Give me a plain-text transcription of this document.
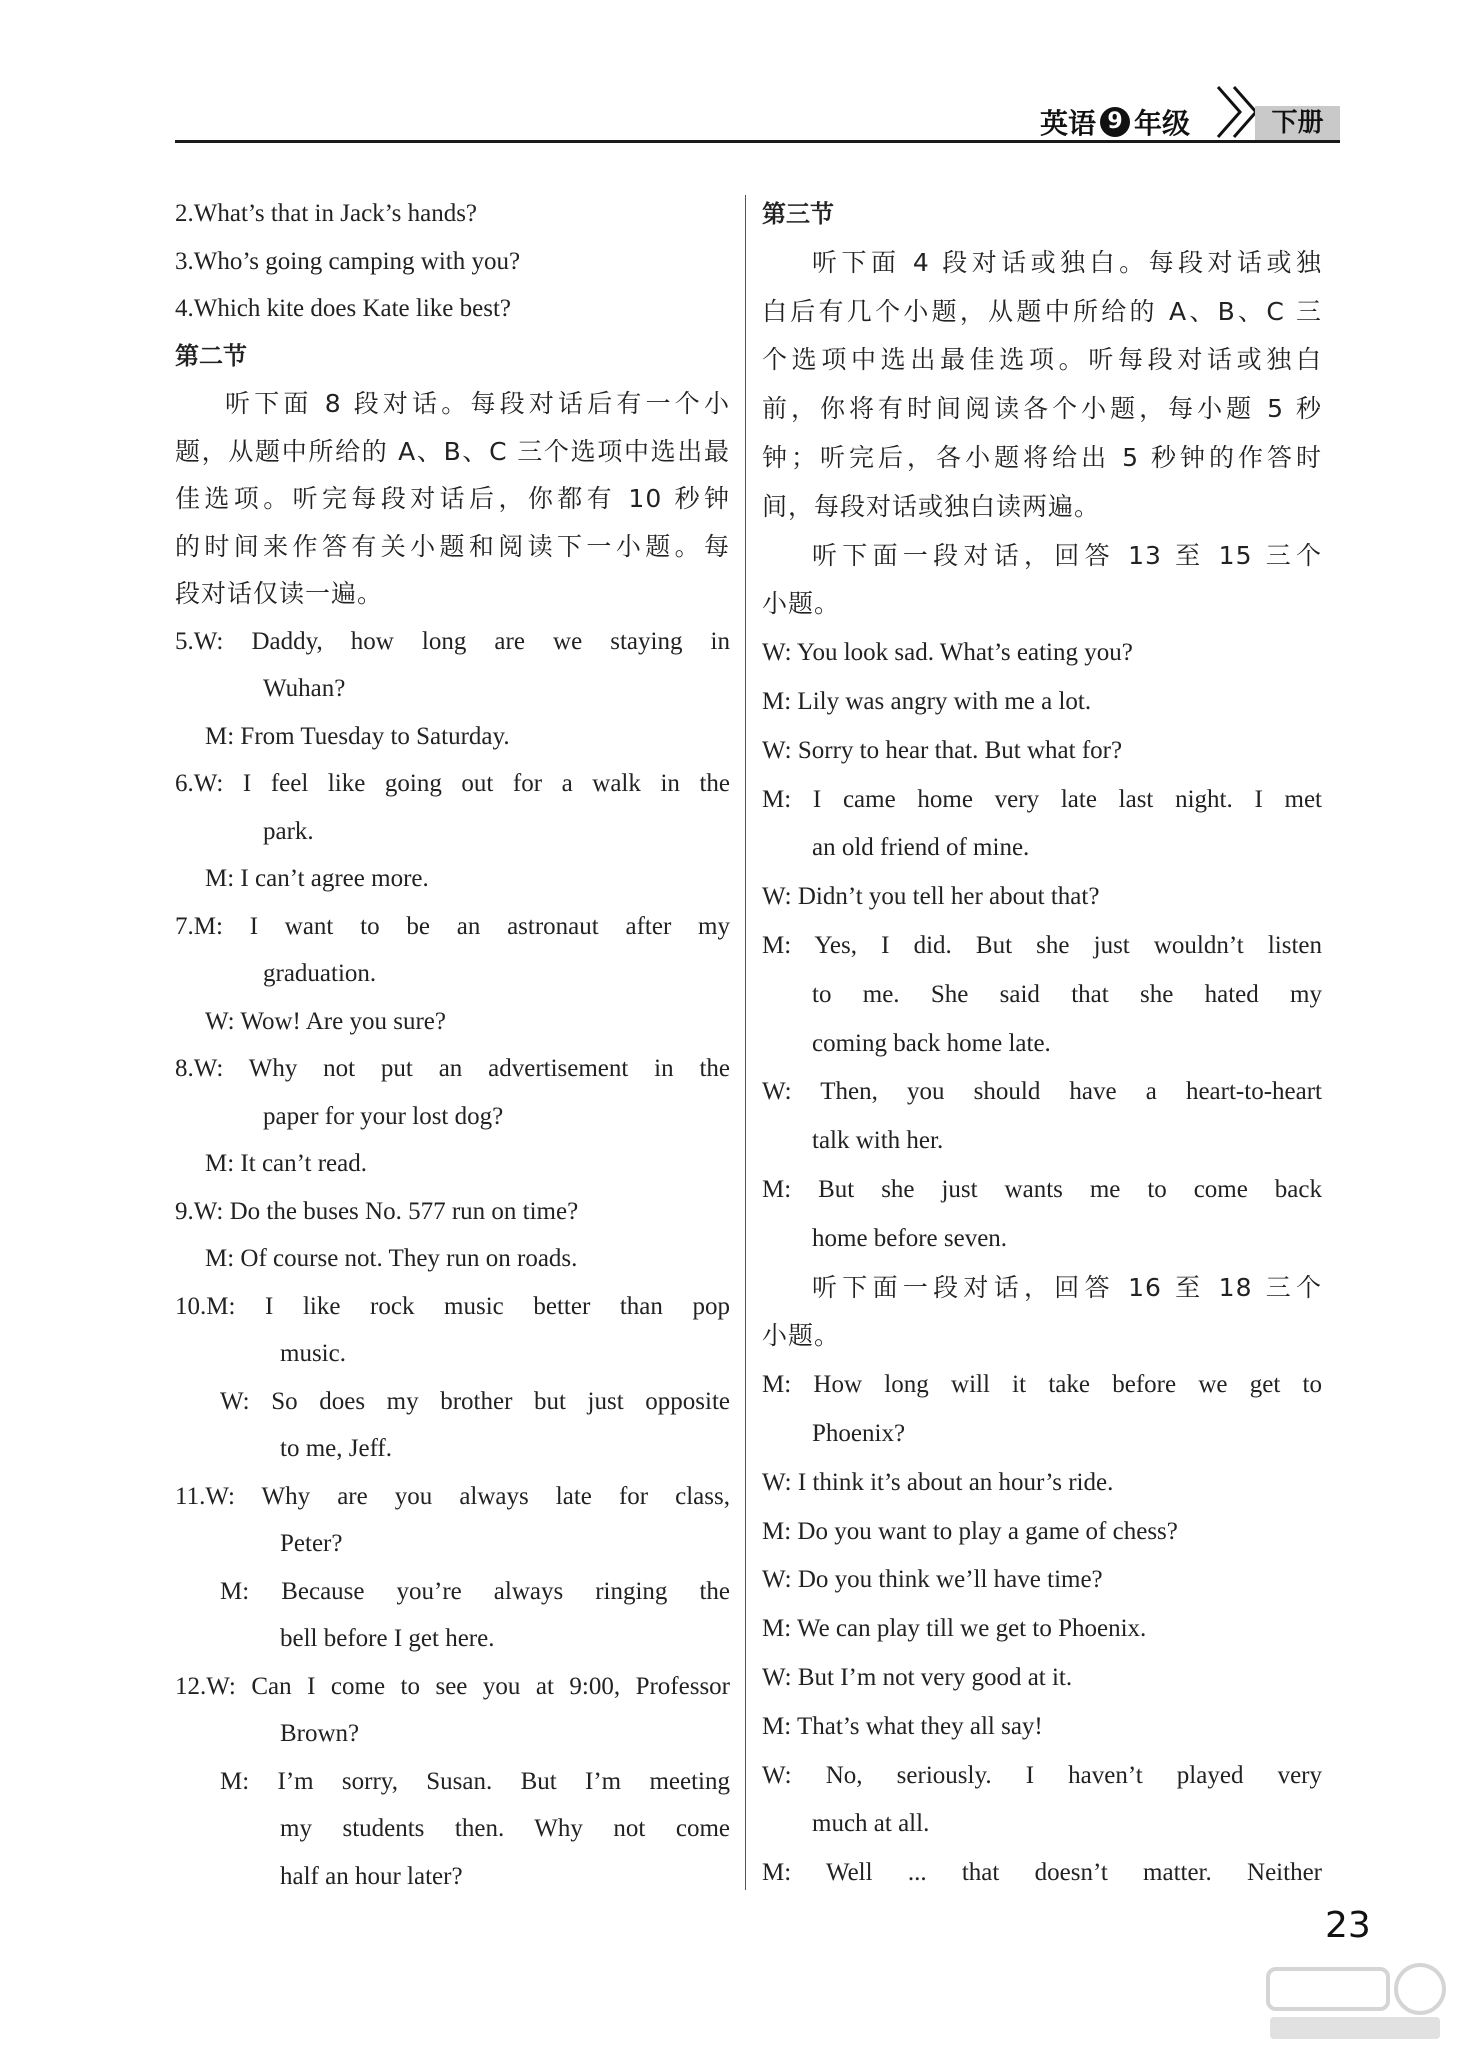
英语 9 年级	下册
2.What’s that in Jack’s hands?
3.Who’s going camping with you?
4.Which kite does Kate like best?
第二节
听下面 8 段对话。每段对话后有一个小
题，从题中所给的 A、B、C 三个选项中选出最
佳选项。听完每段对话后，你都有 10 秒钟
的时间来作答有关小题和阅读下一小题。每
段对话仅读一遍。
5.W: Daddy, how long are we staying in
Wuhan?
M: From Tuesday to Saturday.
6.W: I feel like going out for a walk in the
park.
M: I can’t agree more.
7.M: I want to be an astronaut after my
graduation.
W: Wow! Are you sure?
8.W: Why not put an advertisement in the
paper for your lost dog?
M: It can’t read.
9.W: Do the buses No. 577 run on time?
M: Of course not. They run on roads.
10.M: I like rock music better than pop
music.
W: So does my brother but just opposite
to me, Jeff.
11.W: Why are you always late for class,
Peter?
M: Because you’re always ringing the
bell before I get here.
12.W: Can I come to see you at 9:00, Professor
Brown?
M: I’m sorry, Susan. But I’m meeting
my students then. Why not come
half an hour later?
第三节
听下面 4 段对话或独白。每段对话或独
白后有几个小题，从题中所给的 A、B、C 三
个选项中选出最佳选项。听每段对话或独白
前，你将有时间阅读各个小题，每小题 5 秒
钟；听完后，各小题将给出 5 秒钟的作答时
间，每段对话或独白读两遍。
听下面一段对话，回答 13 至 15 三个
小题。
W: You look sad. What’s eating you?
M: Lily was angry with me a lot.
W: Sorry to hear that. But what for?
M: I came home very late last night. I met
an old friend of mine.
W: Didn’t you tell her about that?
M: Yes, I did. But she just wouldn’t listen
to me. She said that she hated my
coming back home late.
W: Then, you should have a heart-to-heart
talk with her.
M: But she just wants me to come back
home before seven.
听下面一段对话，回答 16 至 18 三个
小题。
M: How long will it take before we get to
Phoenix?
W: I think it’s about an hour’s ride.
M: Do you want to play a game of chess?
W: Do you think we’ll have time?
M: We can play till we get to Phoenix.
W: But I’m not very good at it.
M: That’s what they all say!
W: No, seriously. I haven’t played very
much at all.
M: Well ... that doesn’t matter. Neither
23
